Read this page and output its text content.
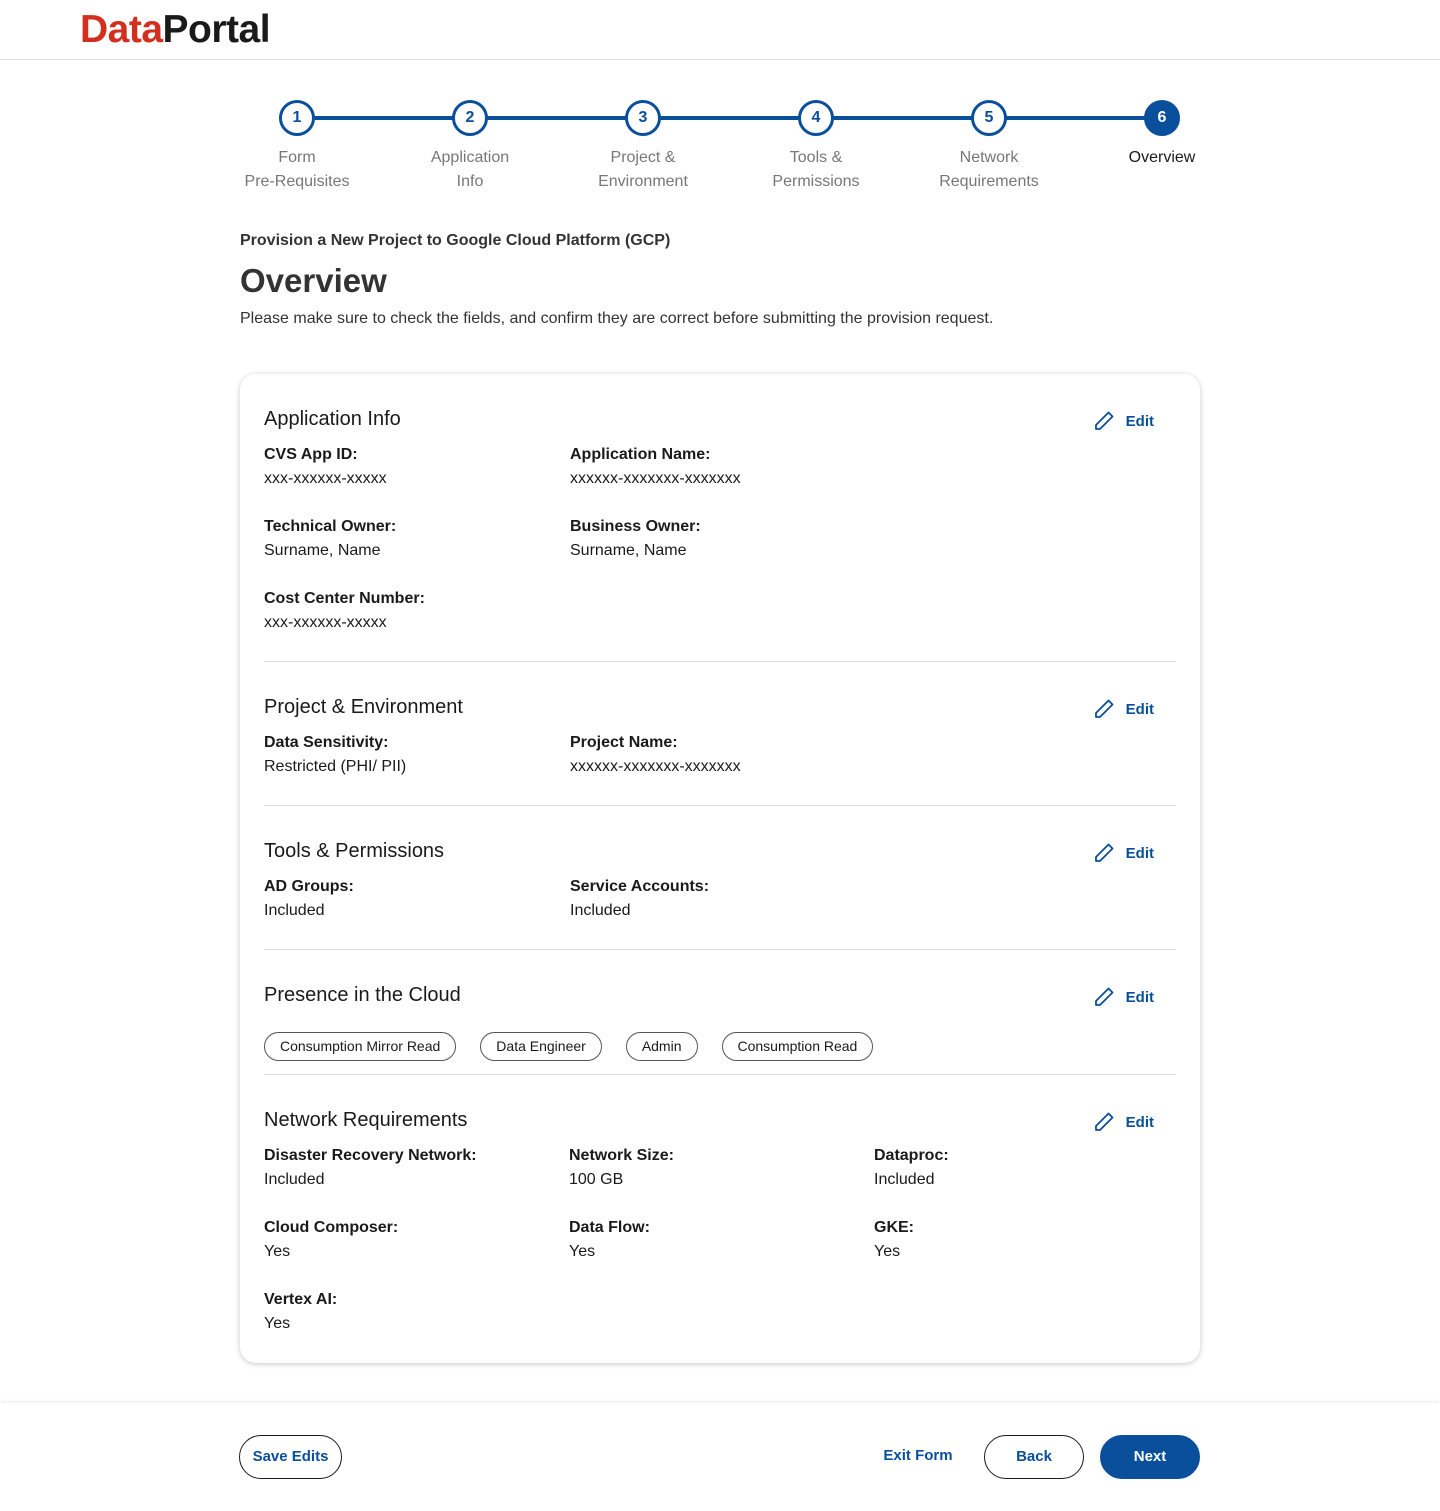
DataPortal
1
Form
Pre-Requisites
2
Application
Info
3
Project &
Environment
4
Tools &
Permissions
5
Network
Requirements
6
Overview
Provision a New Project to Google Cloud Platform (GCP)
Overview
Please make sure to check the fields, and confirm they are correct before submitting the provision request.
Application Info	Edit
CVS App ID:
xxx-xxxxxx-xxxxx
Application Name:
xxxxxx-xxxxxxx-xxxxxxx
Technical Owner:
Surname, Name
Business Owner:
Surname, Name
Cost Center Number:
xxx-xxxxxx-xxxxx
Project & Environment	Edit
Data Sensitivity:
Restricted (PHI/ PII)
Project Name:
xxxxxx-xxxxxxx-xxxxxxx
Tools & Permissions	Edit
AD Groups:
Included
Service Accounts:
Included
Presence in the Cloud	Edit
Consumption Mirror Read	Data Engineer	Admin	Consumption Read
Network Requirements	Edit
Disaster Recovery Network:
Included
Network Size:
100 GB
Dataproc:
Included
Cloud Composer:
Yes
Data Flow:
Yes
GKE:
Yes
Vertex AI:
Yes
Save Edits	Exit Form	Back	Next
